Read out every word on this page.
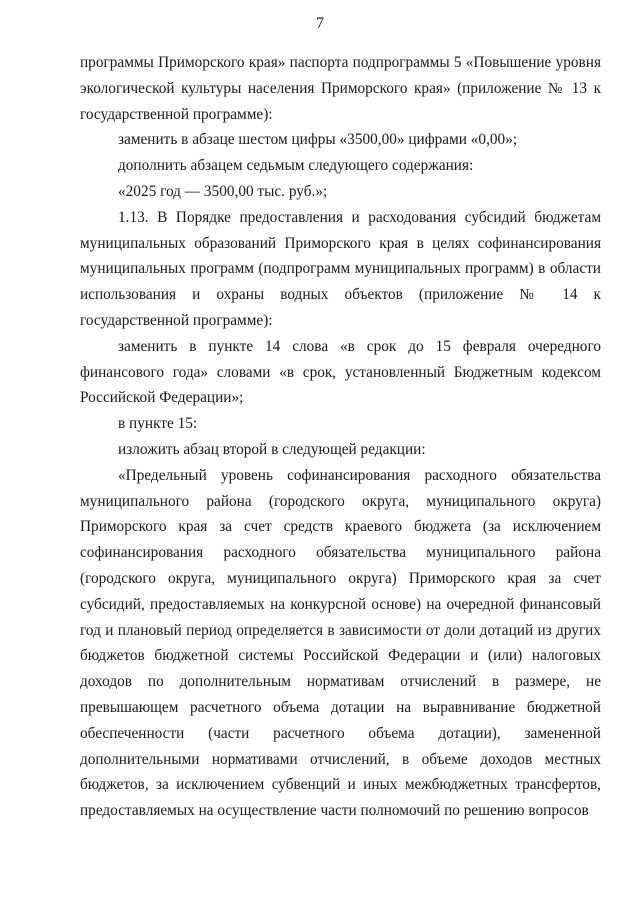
7

программы Приморского края» паспорта подпрограммы 5 «Повышение уровня экологической культуры населения Приморского края» (приложение № 13 к государственной программе):

заменить в абзаце шестом цифры «3500,00» цифрами «0,00»;

дополнить абзацем седьмым следующего содержания:

«2025 год — 3500,00 тыс. руб.»;

1.13. В Порядке предоставления и расходования субсидий бюджетам муниципальных образований Приморского края в целях софинансирования муниципальных программ (подпрограмм муниципальных программ) в области использования и охраны водных объектов (приложение № 14 к государственной программе):

заменить в пункте 14 слова «в срок до 15 февраля очередного финансового года» словами «в срок, установленный Бюджетным кодексом Российской Федерации»;

в пункте 15:

изложить абзац второй в следующей редакции:

«Предельный уровень софинансирования расходного обязательства муниципального района (городского округа, муниципального округа) Приморского края за счет средств краевого бюджета (за исключением софинансирования расходного обязательства муниципального района (городского округа, муниципального округа) Приморского края за счет субсидий, предоставляемых на конкурсной основе) на очередной финансовый год и плановый период определяется в зависимости от доли дотаций из других бюджетов бюджетной системы Российской Федерации и (или) налоговых доходов по дополнительным нормативам отчислений в размере, не превышающем расчетного объема дотации на выравнивание бюджетной обеспеченности (части расчетного объема дотации), замененной дополнительными нормативами отчислений, в объеме доходов местных бюджетов, за исключением субвенций и иных межбюджетных трансфертов, предоставляемых на осуществление части полномочий по решению вопросов
